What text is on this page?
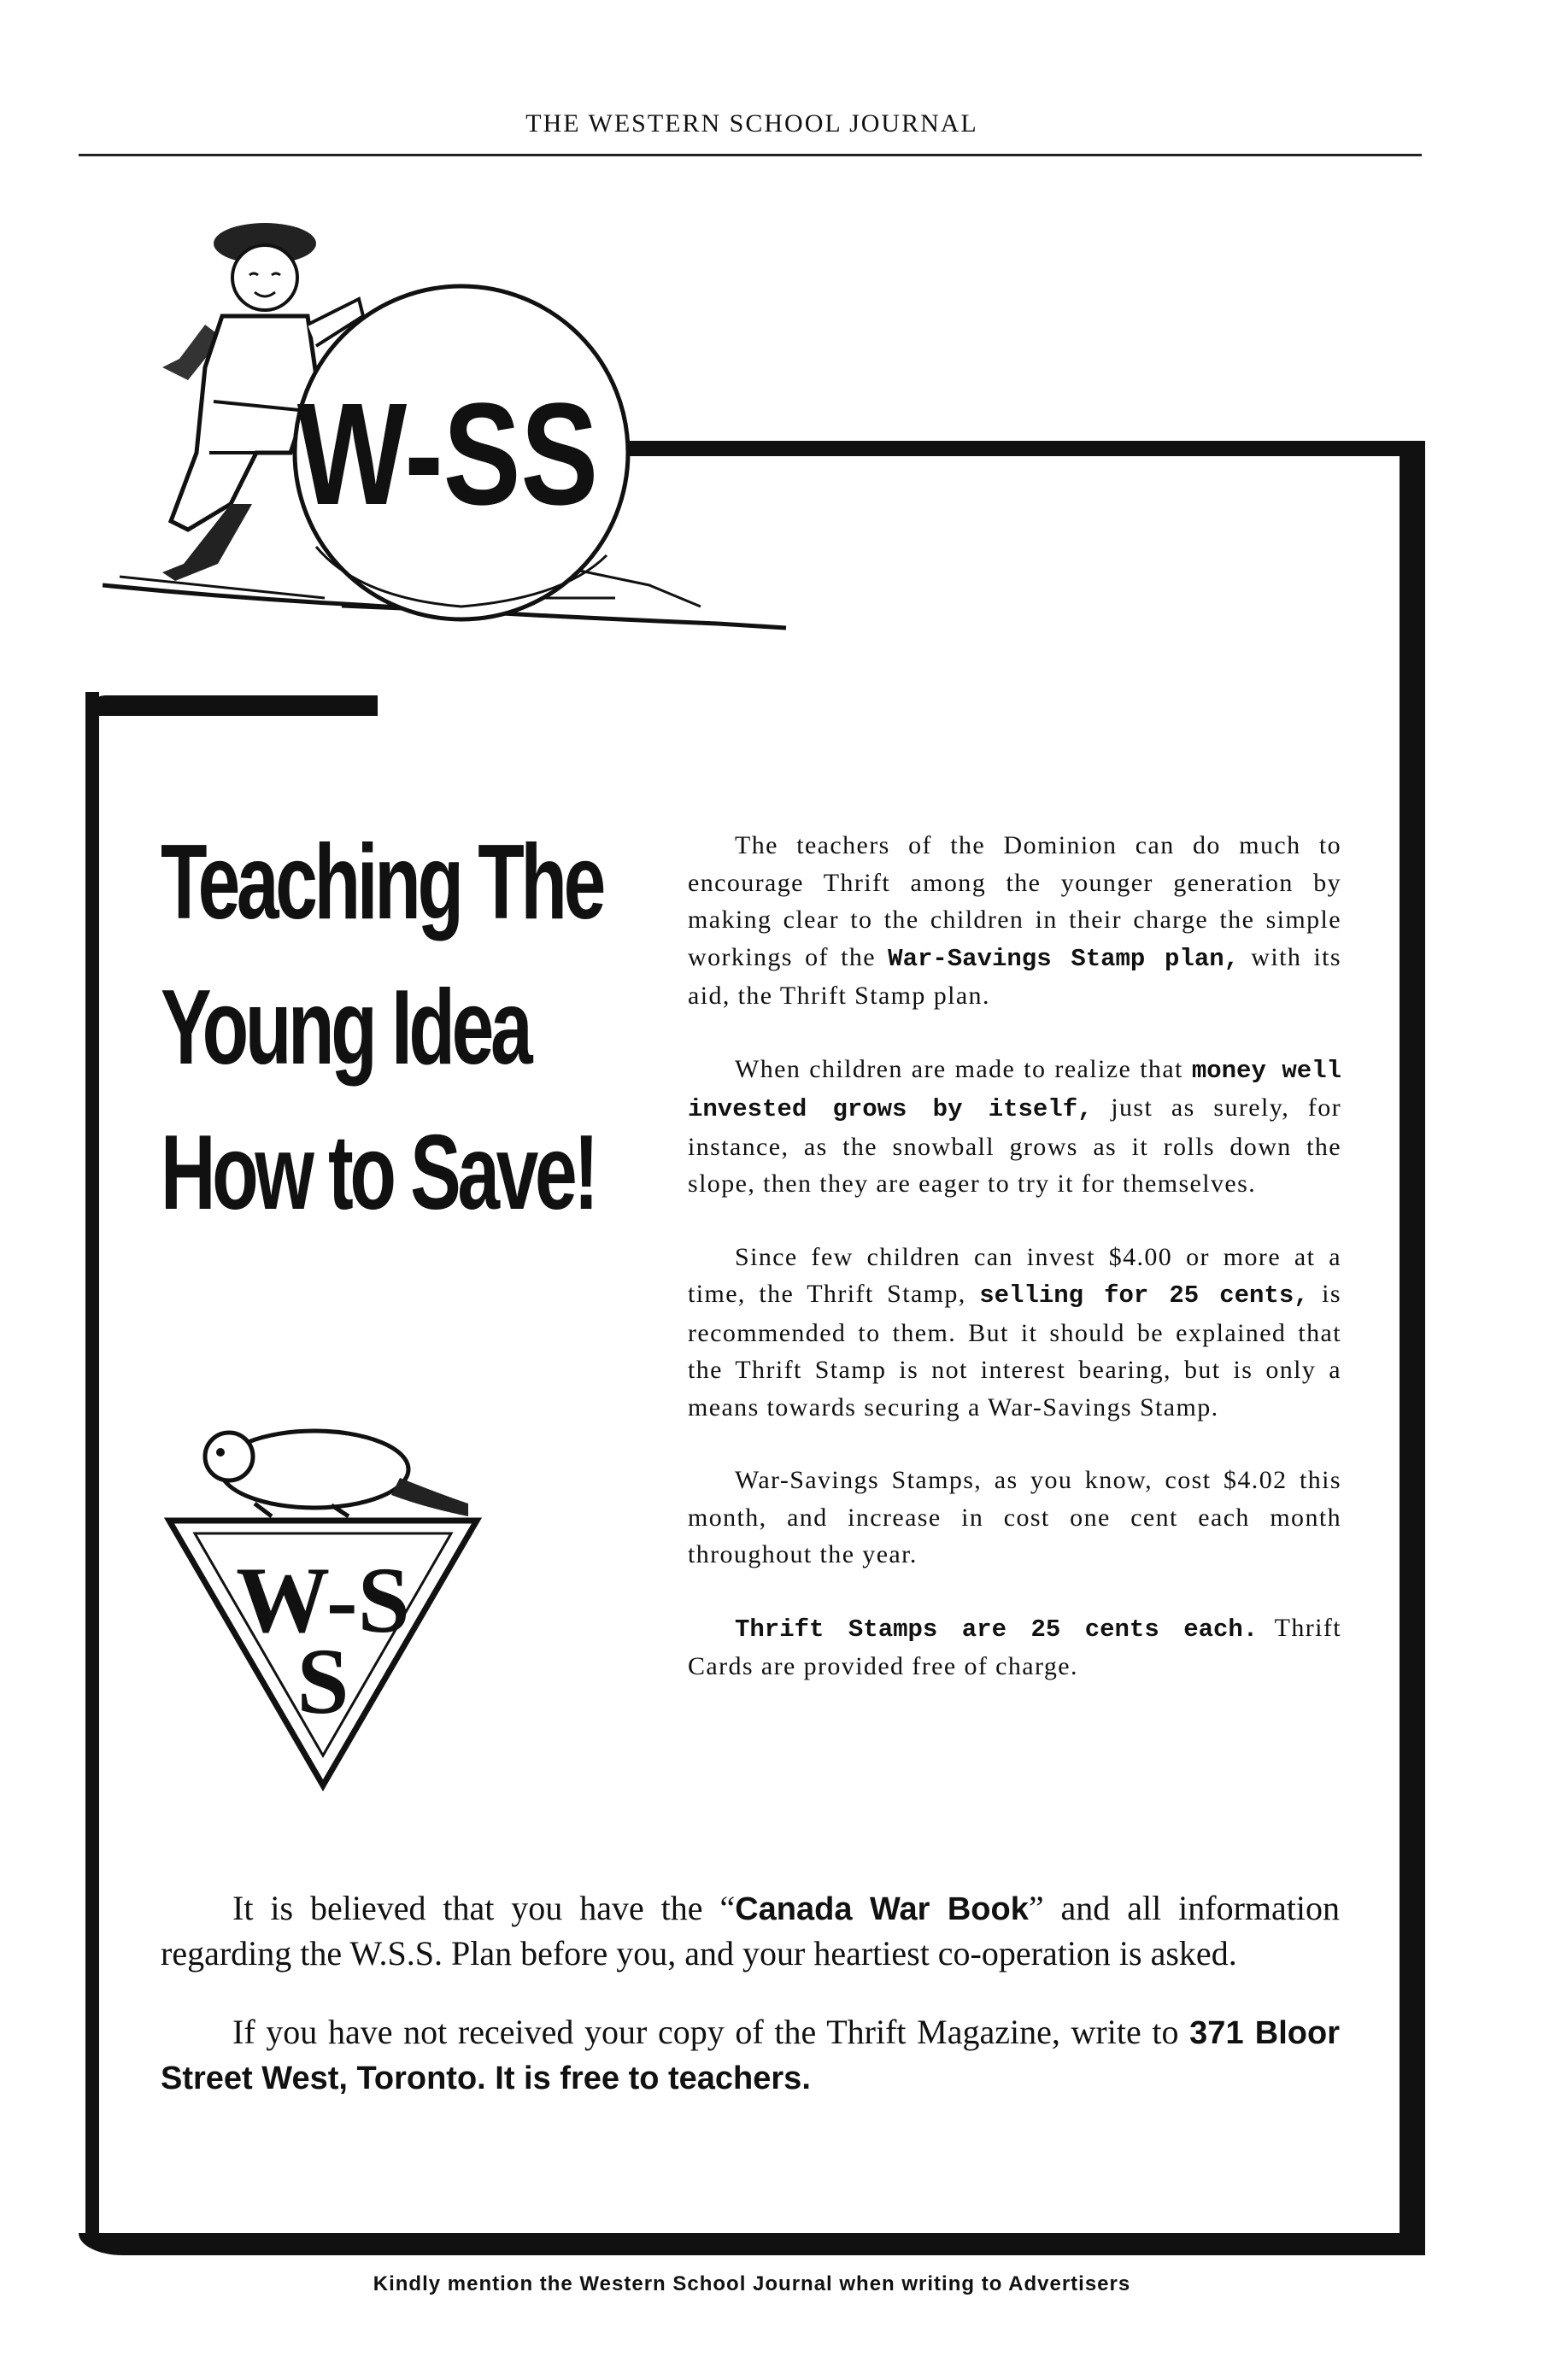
THE WESTERN SCHOOL JOURNAL
W-SS
Teaching The
Young Idea
How to Save!
W-S
S

The teachers of the Dominion can do much to encourage Thrift among the younger generation by making clear to the children in their charge the simple workings of the War-Savings Stamp plan, with its aid, the Thrift Stamp plan.

When children are made to realize that money well invested grows by itself, just as surely, for instance, as the snowball grows as it rolls down the slope, then they are eager to try it for themselves.

Since few children can invest $4.00 or more at a time, the Thrift Stamp, selling for 25 cents, is recommended to them. But it should be explained that the Thrift Stamp is not interest bearing, but is only a means towards securing a War-Savings Stamp.

War-Savings Stamps, as you know, cost $4.02 this month, and increase in cost one cent each month throughout the year.

Thrift Stamps are 25 cents each. Thrift Cards are provided free of charge.

It is believed that you have the “Canada War Book” and all information regarding the W.S.S. Plan before you, and your heartiest co-operation is asked.

If you have not received your copy of the Thrift Magazine, write to 371 Bloor Street West, Toronto. It is free to teachers.

Kindly mention the Western School Journal when writing to Advertisers
